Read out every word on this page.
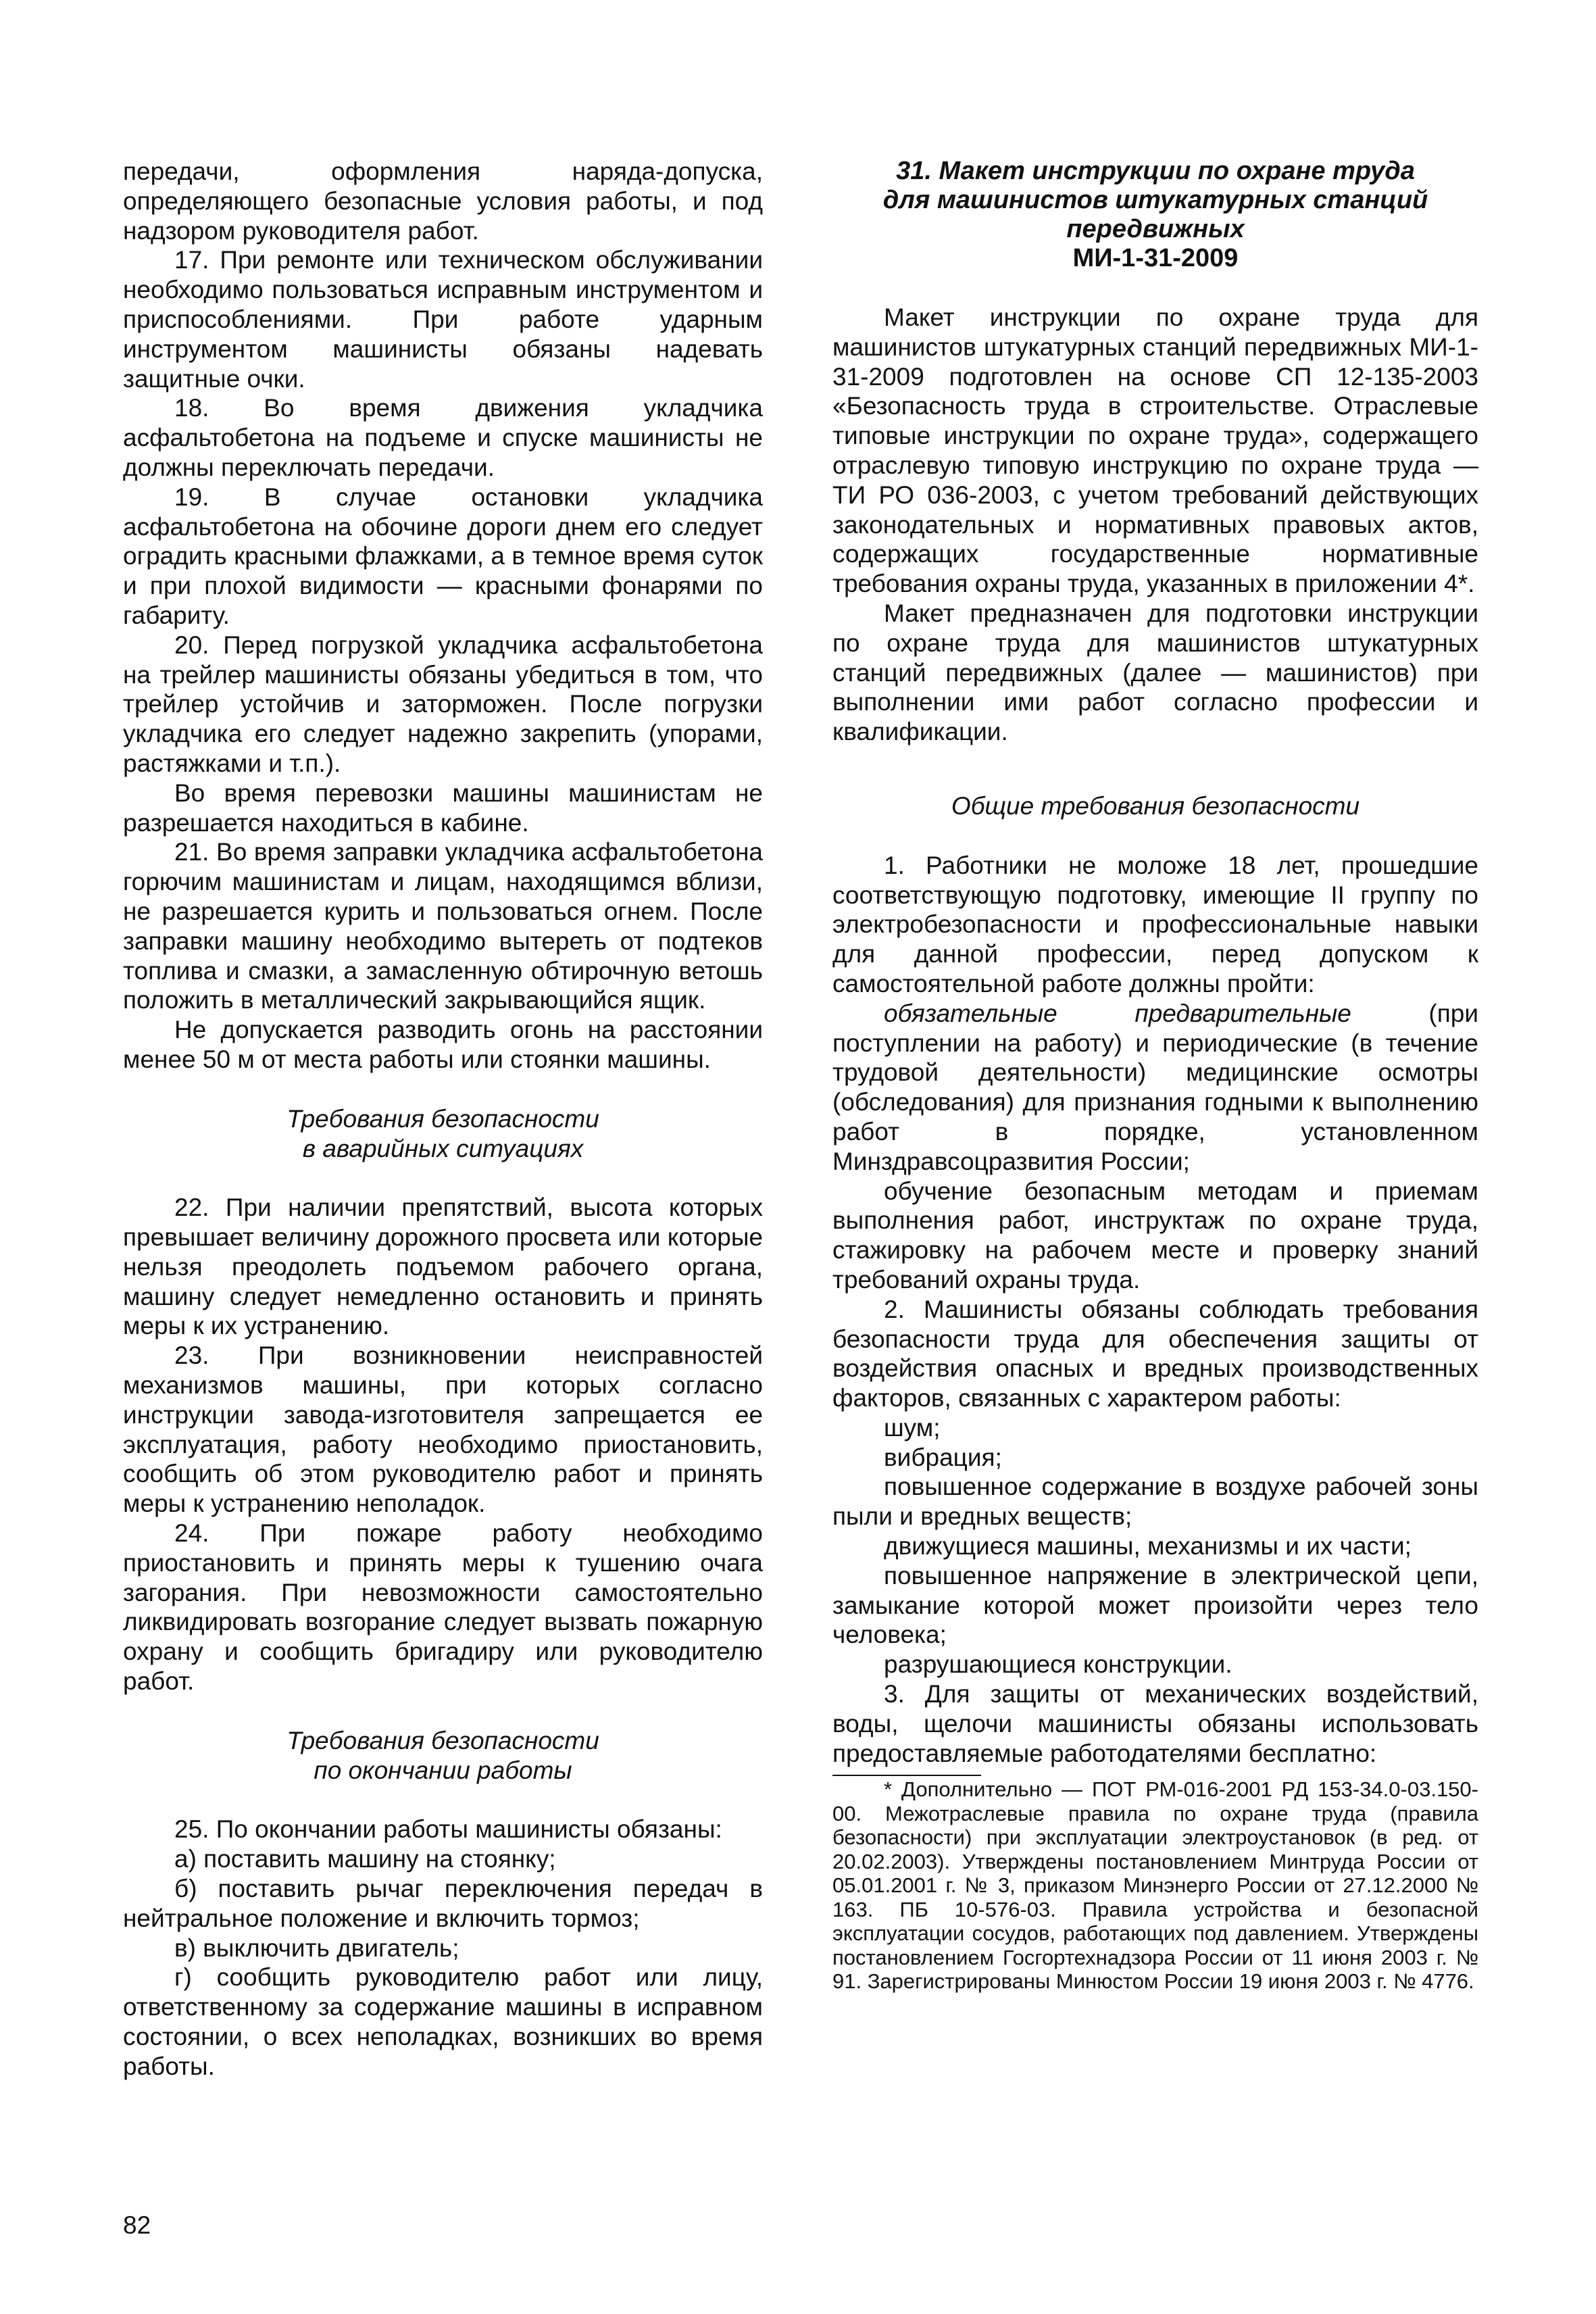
передачи, оформления наряда-допуска, определяющего безопасные условия работы, и под надзором руководителя работ.

17. При ремонте или техническом обслуживании необходимо пользоваться исправным инструментом и приспособлениями. При работе ударным инструментом машинисты обязаны надевать защитные очки.

18. Во время движения укладчика асфальтобетона на подъеме и спуске машинисты не должны переключать передачи.

19. В случае остановки укладчика асфальтобетона на обочине дороги днем его следует оградить красными флажками, а в темное время суток и при плохой видимости — красными фонарями по габариту.

20. Перед погрузкой укладчика асфальтобетона на трейлер машинисты обязаны убедиться в том, что трейлер устойчив и заторможен. После погрузки укладчика его следует надежно закрепить (упорами, растяжками и т.п.).

Во время перевозки машины машинистам не разрешается находиться в кабине.

21. Во время заправки укладчика асфальтобетона горючим машинистам и лицам, находящимся вблизи, не разрешается курить и пользоваться огнем. После заправки машину необходимо вытереть от подтеков топлива и смазки, а замасленную обтирочную ветошь положить в металлический закрывающийся ящик.

Не допускается разводить огонь на расстоянии менее 50 м от места работы или стоянки машины.

Требования безопасности

в аварийных ситуациях

22. При наличии препятствий, высота которых превышает величину дорожного просвета или которые нельзя преодолеть подъемом рабочего органа, машину следует немедленно остановить и принять меры к их устранению.

23. При возникновении неисправностей механизмов машины, при которых согласно инструкции завода-изготовителя запрещается ее эксплуатация, работу необходимо приостановить, сообщить об этом руководителю работ и принять меры к устранению неполадок.

24. При пожаре работу необходимо приостановить и принять меры к тушению очага загорания. При невозможности самостоятельно ликвидировать возгорание следует вызвать пожарную охрану и сообщить бригадиру или руководителю работ.

Требования безопасности

по окончании работы

25. По окончании работы машинисты обязаны:

а) поставить машину на стоянку;

б) поставить рычаг переключения передач в нейтральное положение и включить тормоз;

в) выключить двигатель;

г) сообщить руководителю работ или лицу, ответственному за содержание машины в исправном состоянии, о всех неполадках, возникших во время работы.

31. Макет инструкции по охране труда
для машинистов штукатурных станций
передвижных
МИ-1-31-2009

Макет инструкции по охране труда для машинистов штукатурных станций передвижных МИ-1-31-2009 подготовлен на основе СП 12-135-2003 «Безопасность труда в строительстве. Отраслевые типовые инструкции по охране труда», содержащего отраслевую типовую инструкцию по охране труда — ТИ РО 036-2003, с учетом требований действующих законодательных и нормативных правовых актов, содержащих государственные нормативные требования охраны труда, указанных в приложении 4*.

Макет предназначен для подготовки инструкции по охране труда для машинистов штукатурных станций передвижных (далее — машинистов) при выполнении ими работ согласно профессии и квалификации.

Общие требования безопасности

1. Работники не моложе 18 лет, прошедшие соответствующую подготовку, имеющие II группу по электробезопасности и профессиональные навыки для данной профессии, перед допуском к самостоятельной работе должны пройти:

обязательные предварительные (при поступлении на работу) и периодические (в течение трудовой деятельности) медицинские осмотры (обследования) для признания годными к выполнению работ в порядке, установленном Минздравсоцразвития России;

обучение безопасным методам и приемам выполнения работ, инструктаж по охране труда, стажировку на рабочем месте и проверку знаний требований охраны труда.

2. Машинисты обязаны соблюдать требования безопасности труда для обеспечения защиты от воздействия опасных и вредных производственных факторов, связанных с характером работы:

шум;

вибрация;

повышенное содержание в воздухе рабочей зоны пыли и вредных веществ;

движущиеся машины, механизмы и их части;

повышенное напряжение в электрической цепи, замыкание которой может произойти через тело человека;

разрушающиеся конструкции.

3. Для защиты от механических воздействий, воды, щелочи машинисты обязаны использовать предоставляемые работодателями бесплатно:

* Дополнительно — ПОТ РМ-016-2001 РД 153-34.0-03.150-00. Межотраслевые правила по охране труда (правила безопасности) при эксплуатации электроустановок (в ред. от 20.02.2003). Утверждены постановлением Минтруда России от 05.01.2001 г. № 3, приказом Минэнерго России от 27.12.2000 № 163. ПБ 10-576-03. Правила устройства и безопасной эксплуатации сосудов, работающих под давлением. Утверждены постановлением Госгортехнадзора России от 11 июня 2003 г. № 91. Зарегистрированы Минюстом России 19 июня 2003 г. № 4776.

82
